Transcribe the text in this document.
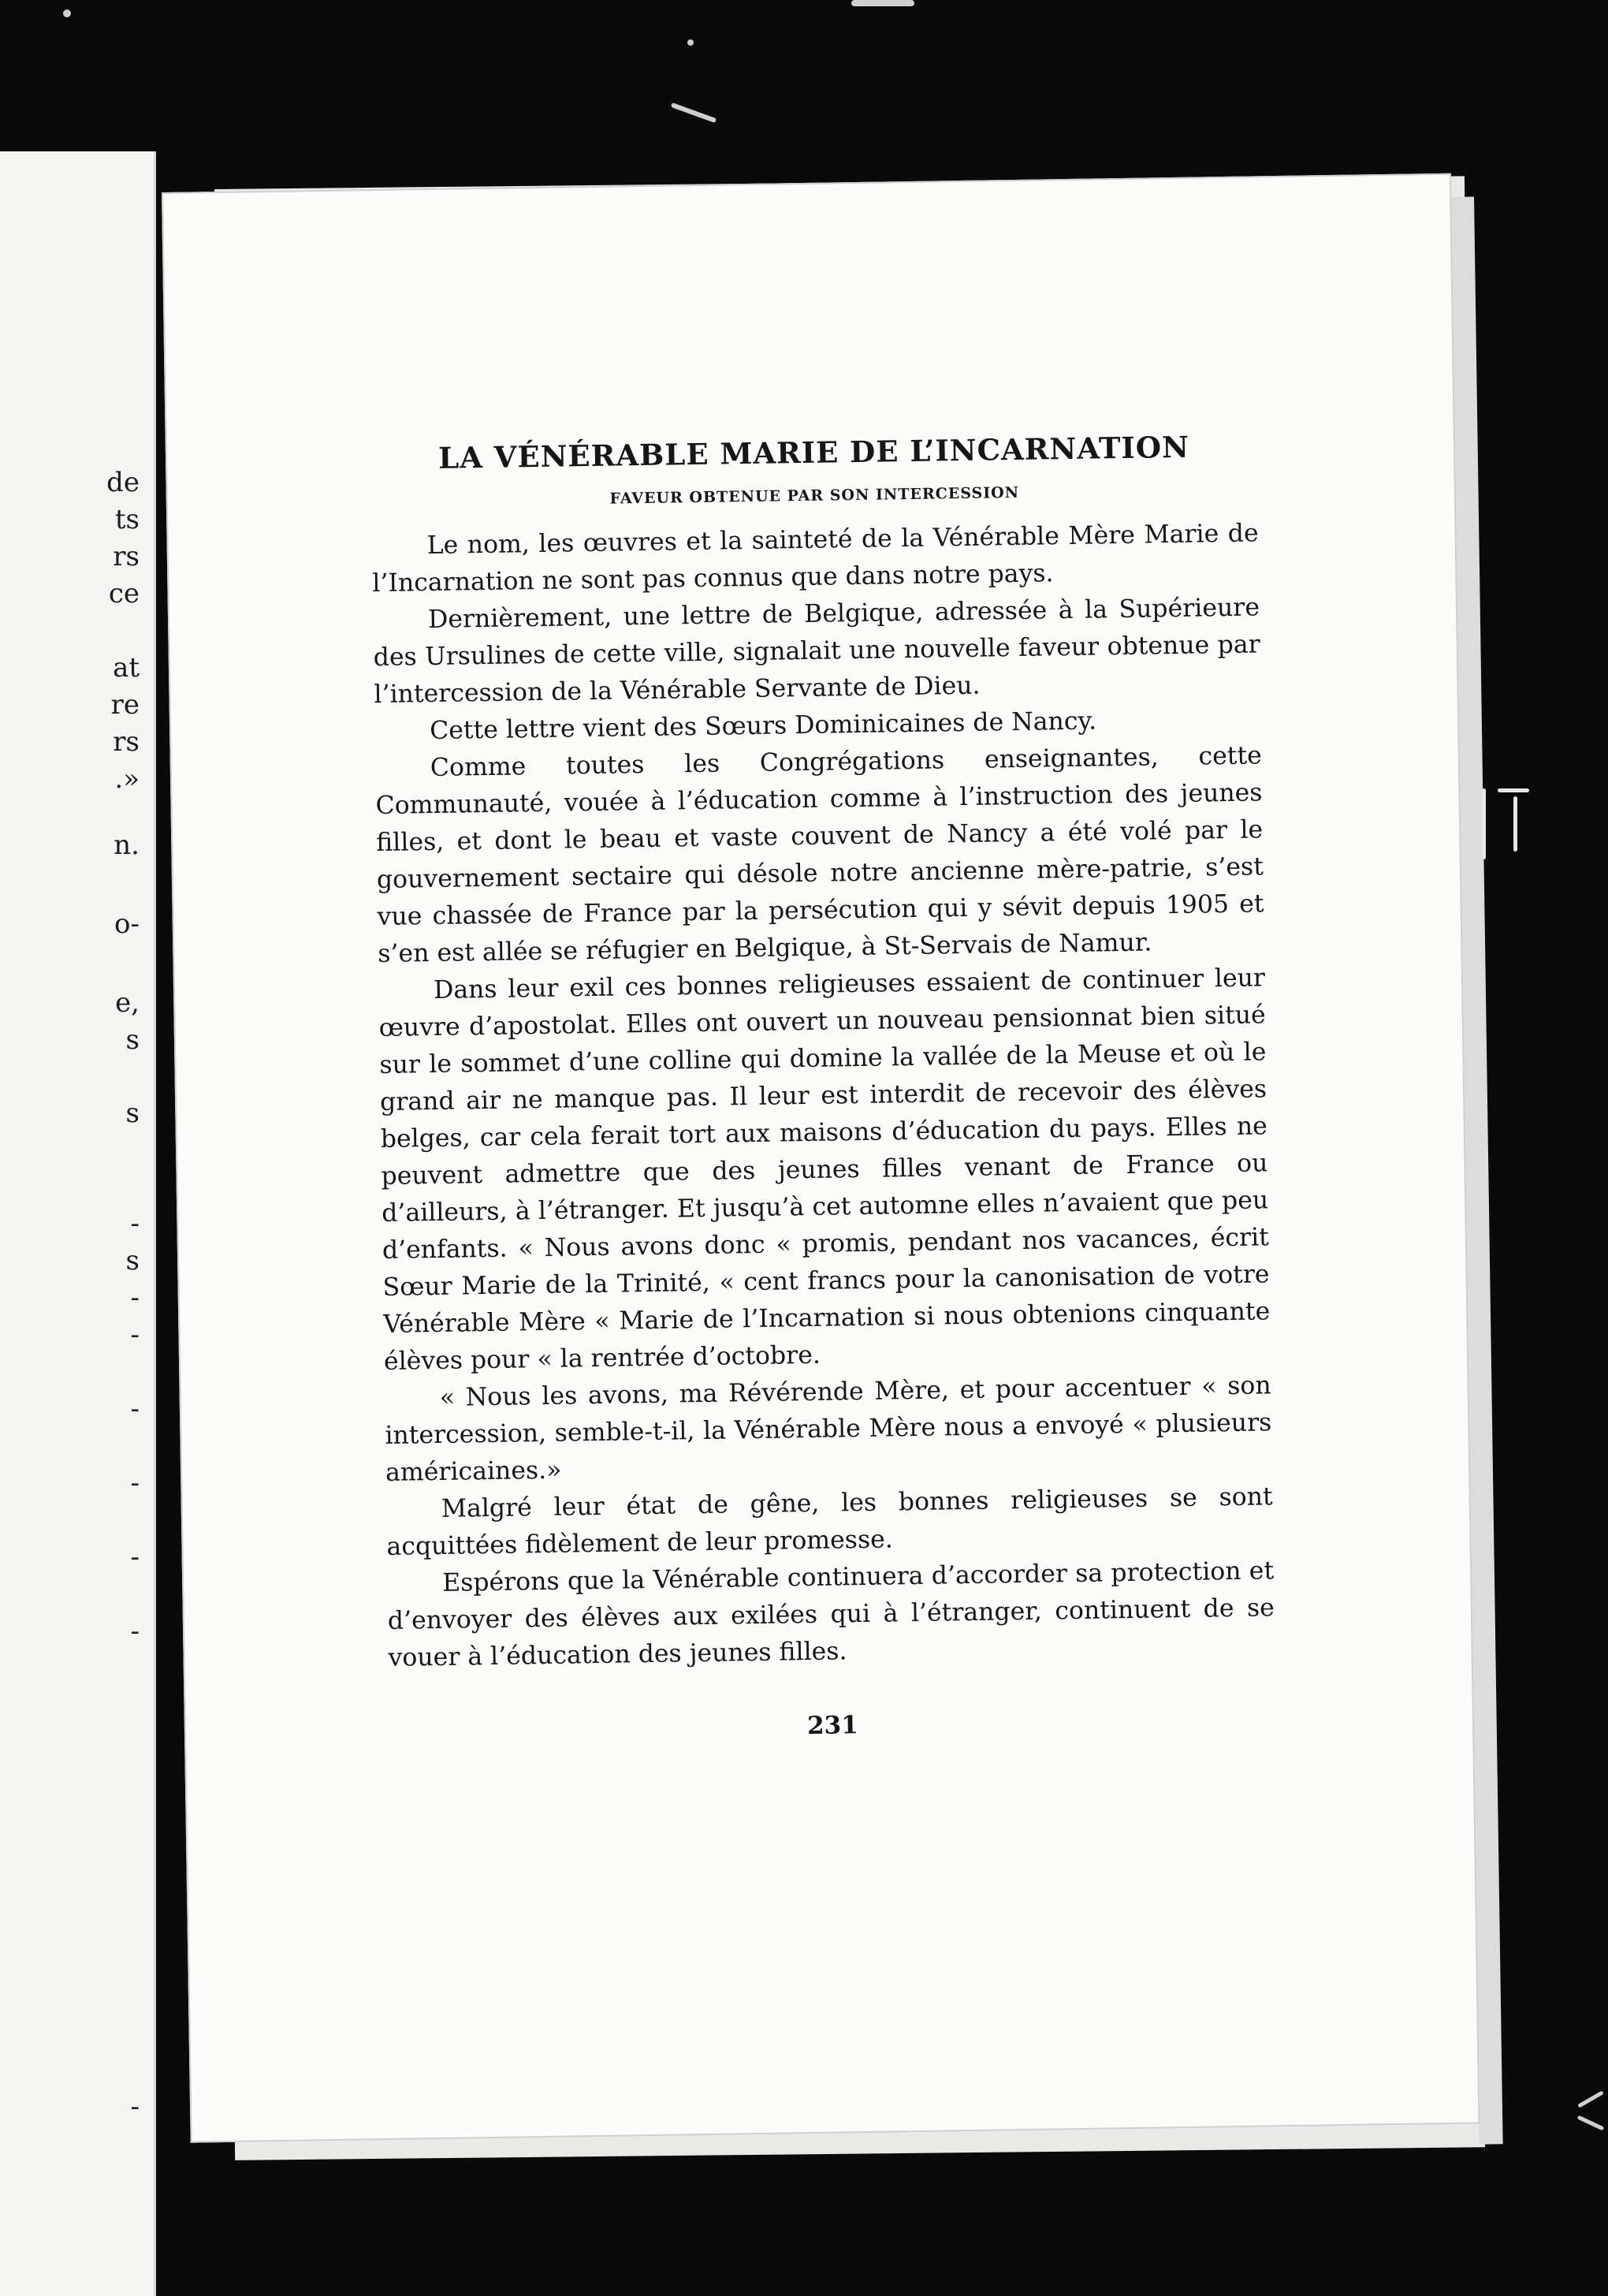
de
ts
rs
ce
at
re
rs
.»
n.
o-
e,
s
s
-
s
-
-
-
-
-
-
-
LA VÉNÉRABLE MARIE DE L’INCARNATION
FAVEUR OBTENUE PAR SON INTERCESSION

Le nom, les œuvres et la sainteté de la Vénérable Mère Marie de l’Incarnation ne sont pas connus que dans notre pays.

Dernièrement, une lettre de Belgique, adressée à la Supérieure des Ursulines de cette ville, signalait une nouvelle faveur obtenue par l’intercession de la Vénérable Servante de Dieu.

Cette lettre vient des Sœurs Dominicaines de Nancy.

Comme toutes les Congrégations enseignantes, cette Communauté, vouée à l’éducation comme à l’instruction des jeunes filles, et dont le beau et vaste couvent de Nancy a été volé par le gouvernement sectaire qui désole notre ancienne mère-patrie, s’est vue chassée de France par la persécution qui y sévit depuis 1905 et s’en est allée se réfugier en Belgique, à St-Servais de Namur.

Dans leur exil ces bonnes religieuses essaient de continuer leur œuvre d’apostolat. Elles ont ouvert un nouveau pensionnat bien situé sur le sommet d’une colline qui domine la vallée de la Meuse et où le grand air ne manque pas. Il leur est interdit de recevoir des élèves belges, car cela ferait tort aux maisons d’éducation du pays. Elles ne peuvent admettre que des jeunes filles venant de France ou d’ailleurs, à l’étranger. Et jusqu’à cet automne elles n’avaient que peu d’enfants. « Nous avons donc « promis, pendant nos vacances, écrit Sœur Marie de la Trinité, « cent francs pour la canonisation de votre Vénérable Mère « Marie de l’Incarnation si nous obtenions cinquante élèves pour « la rentrée d’octobre.

« Nous les avons, ma Révérende Mère, et pour accentuer « son intercession, semble-t-il, la Vénérable Mère nous a envoyé « plusieurs américaines.»

Malgré leur état de gêne, les bonnes religieuses se sont acquittées fidèlement de leur promesse.

Espérons que la Vénérable continuera d’accorder sa protection et d’envoyer des élèves aux exilées qui à l’étranger, continuent de se vouer à l’éducation des jeunes filles.

231
